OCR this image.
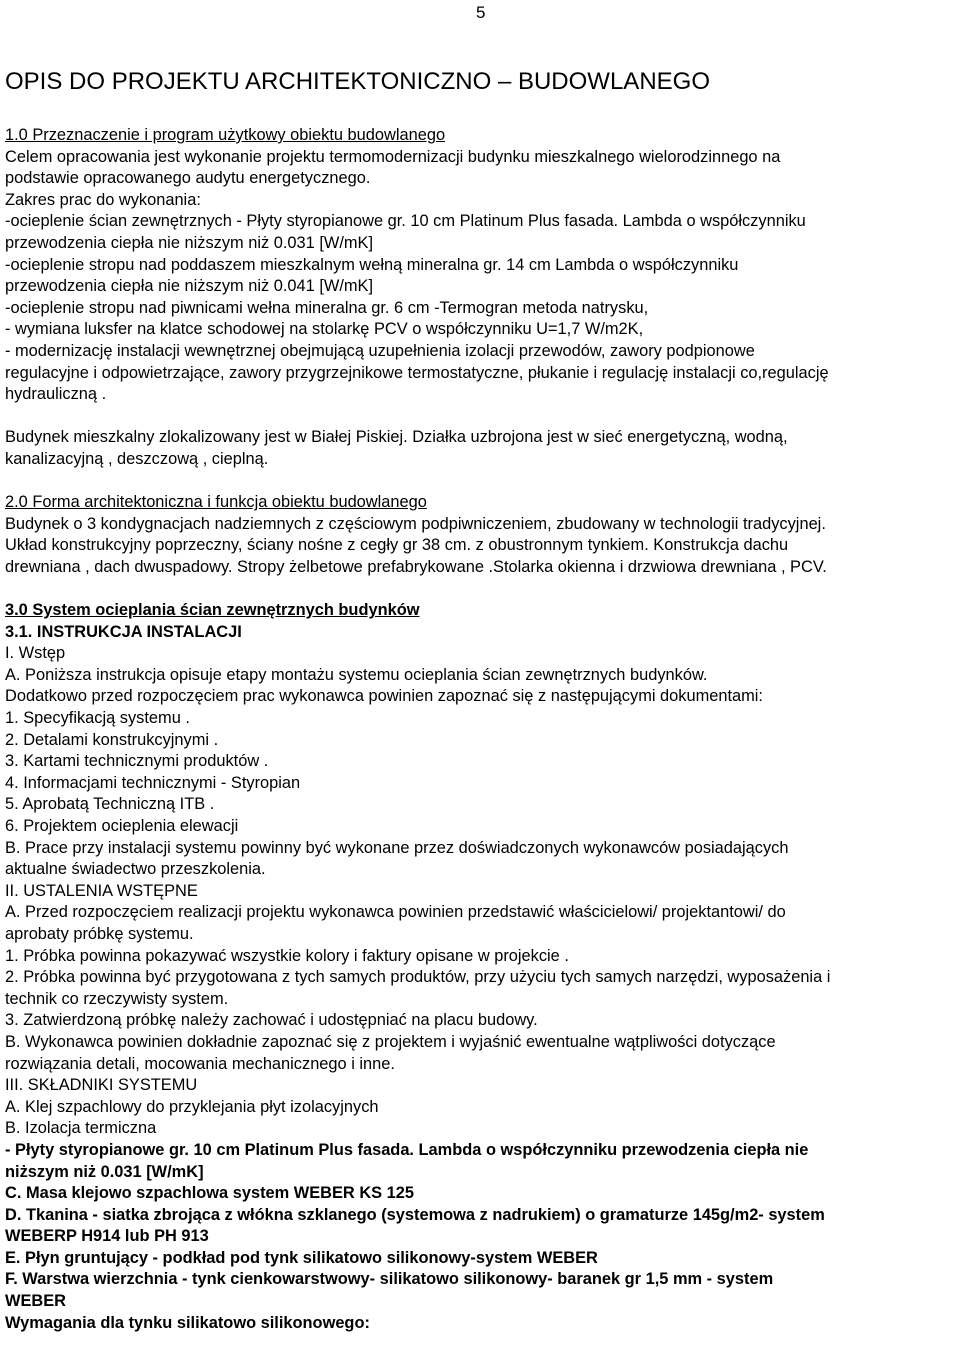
5
OPIS DO PROJEKTU ARCHITEKTONICZNO – BUDOWLANEGO
1.0 Przeznaczenie i program użytkowy obiektu budowlanego
Celem opracowania jest wykonanie projektu termomodernizacji budynku mieszkalnego wielorodzinnego na
podstawie opracowanego audytu energetycznego.
Zakres prac do wykonania:
-ocieplenie ścian zewnętrznych - Płyty styropianowe gr. 10 cm Platinum Plus fasada. Lambda o współczynniku
przewodzenia ciepła nie niższym niż 0.031 [W/mK]
-ocieplenie stropu nad poddaszem mieszkalnym wełną mineralna gr. 14 cm Lambda o współczynniku
przewodzenia ciepła nie niższym niż 0.041 [W/mK]
-ocieplenie stropu nad piwnicami wełna mineralna gr. 6 cm -Termogran metoda natrysku,
- wymiana luksfer na klatce schodowej na stolarkę PCV o współczynniku U=1,7 W/m2K,
- modernizację instalacji wewnętrznej obejmującą uzupełnienia izolacji przewodów, zawory podpionowe
regulacyjne i odpowietrzające, zawory przygrzejnikowe termostatyczne, płukanie i regulację instalacji co,regulację
hydrauliczną .
Budynek mieszkalny zlokalizowany jest w Białej Piskiej. Działka uzbrojona jest w sieć energetyczną, wodną,
kanalizacyjną , deszczową , cieplną.
2.0 Forma architektoniczna i funkcja obiektu budowlanego
Budynek o 3 kondygnacjach nadziemnych z częściowym podpiwniczeniem, zbudowany w technologii tradycyjnej.
Układ konstrukcyjny poprzeczny, ściany nośne z cegły gr 38 cm. z obustronnym tynkiem. Konstrukcja dachu
drewniana , dach dwuspadowy. Stropy żelbetowe prefabrykowane .Stolarka okienna i drzwiowa drewniana , PCV.
3.0 System ocieplania ścian zewnętrznych budynków
3.1. INSTRUKCJA INSTALACJI
I. Wstęp
A. Poniższa instrukcja opisuje etapy montażu systemu ocieplania ścian zewnętrznych budynków.
Dodatkowo przed rozpoczęciem prac wykonawca powinien zapoznać się z następującymi dokumentami:
1. Specyfikacją systemu .
2. Detalami konstrukcyjnymi .
3. Kartami technicznymi produktów .
4. Informacjami technicznymi - Styropian
5. Aprobatą Techniczną ITB .
6. Projektem ocieplenia elewacji
B. Prace przy instalacji systemu powinny być wykonane przez doświadczonych wykonawców posiadających
aktualne świadectwo przeszkolenia.
II. USTALENIA WSTĘPNE
A. Przed rozpoczęciem realizacji projektu wykonawca powinien przedstawić właścicielowi/ projektantowi/ do
aprobaty próbkę systemu.
1. Próbka powinna pokazywać wszystkie kolory i faktury opisane w projekcie .
2. Próbka powinna być przygotowana z tych samych produktów, przy użyciu tych samych narzędzi, wyposażenia i
technik co rzeczywisty system.
3. Zatwierdzoną próbkę należy zachować i udostępniać na placu budowy.
B. Wykonawca powinien dokładnie zapoznać się z projektem i wyjaśnić ewentualne wątpliwości dotyczące
rozwiązania detali, mocowania mechanicznego i inne.
III. SKŁADNIKI SYSTEMU
A. Klej szpachlowy do przyklejania płyt izolacyjnych
B. Izolacja termiczna
- Płyty styropianowe gr. 10 cm Platinum Plus fasada. Lambda o współczynniku przewodzenia ciepła nie
niższym niż 0.031 [W/mK]
C. Masa klejowo szpachlowa system WEBER KS 125
D. Tkanina - siatka zbrojąca z włókna szklanego (systemowa z nadrukiem) o gramaturze 145g/m2- system
WEBERP H914 lub PH 913
E. Płyn gruntujący - podkład pod tynk silikatowo silikonowy-system WEBER
F. Warstwa wierzchnia - tynk cienkowarstwowy- silikatowo silikonowy- baranek gr 1,5 mm - system
WEBER
Wymagania dla tynku silikatowo silikonowego:
